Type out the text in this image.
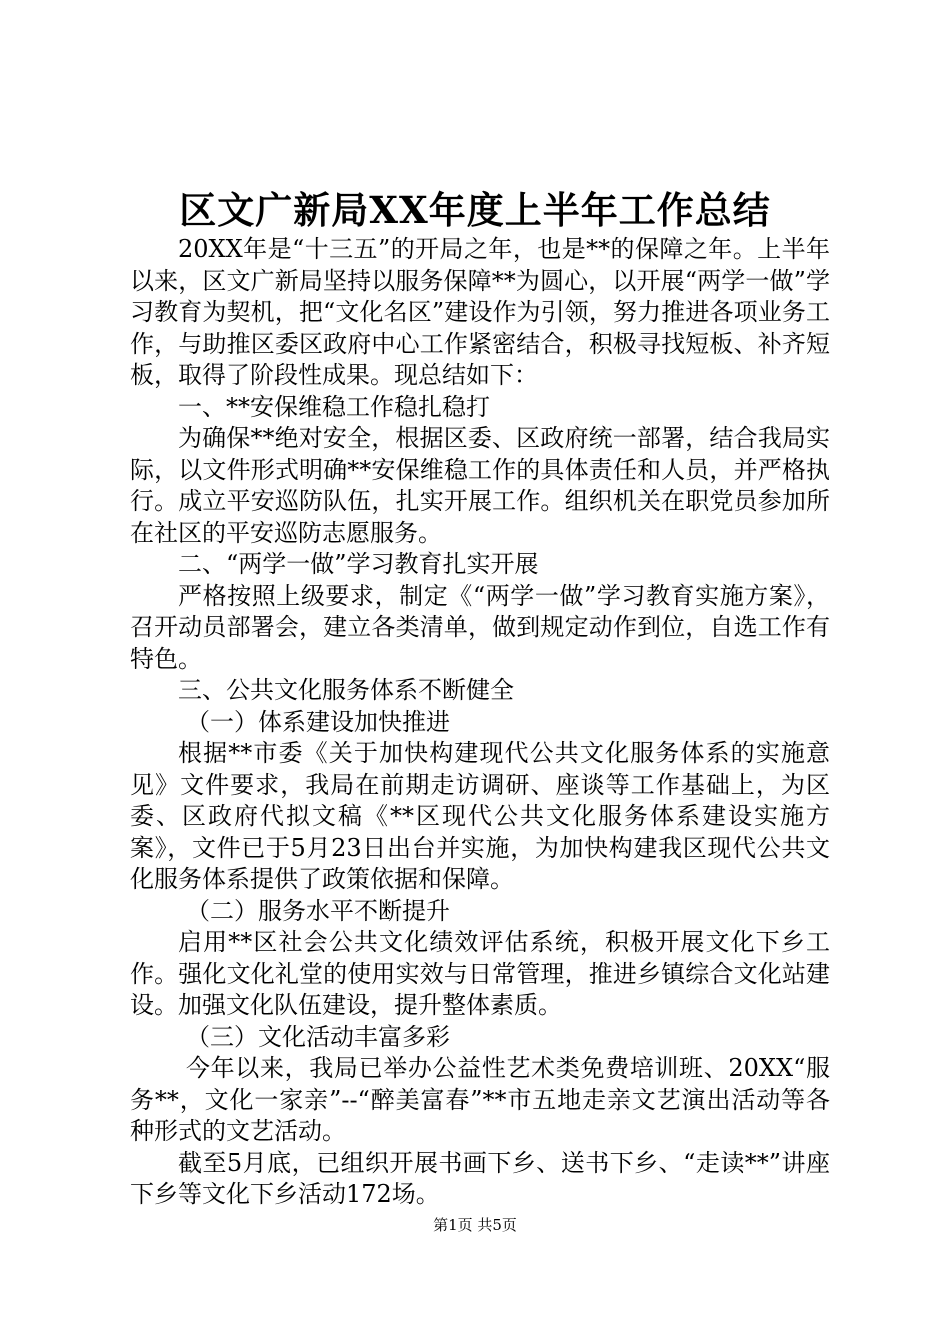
区文广新局XX年度上半年工作总结

20XX年是“十三五”的开局之年，也是**的保障之年。上半年以来，区文广新局坚持以服务保障**为圆心，以开展“两学一做”学习教育为契机，把“文化名区”建设作为引领，努力推进各项业务工作，与助推区委区政府中心工作紧密结合，积极寻找短板、补齐短板，取得了阶段性成果。现总结如下：

一、**安保维稳工作稳扎稳打

为确保**绝对安全，根据区委、区政府统一部署，结合我局实际，以文件形式明确**安保维稳工作的具体责任和人员，并严格执行。成立平安巡防队伍，扎实开展工作。组织机关在职党员参加所在社区的平安巡防志愿服务。

二、“两学一做”学习教育扎实开展

严格按照上级要求，制定《“两学一做”学习教育实施方案》，召开动员部署会，建立各类清单，做到规定动作到位，自选工作有特色。

三、公共文化服务体系不断健全

（一）体系建设加快推进

根据**市委《关于加快构建现代公共文化服务体系的实施意见》文件要求，我局在前期走访调研、座谈等工作基础上，为区委、区政府代拟文稿《**区现代公共文化服务体系建设实施方案》，文件已于5月23日出台并实施，为加快构建我区现代公共文化服务体系提供了政策依据和保障。

（二）服务水平不断提升

启用**区社会公共文化绩效评估系统，积极开展文化下乡工作。强化文化礼堂的使用实效与日常管理，推进乡镇综合文化站建设。加强文化队伍建设，提升整体素质。

（三）文化活动丰富多彩

今年以来，我局已举办公益性艺术类免费培训班、20XX“服务**，文化一家亲”--“醉美富春”**市五地走亲文艺演出活动等各种形式的文艺活动。

截至5月底，已组织开展书画下乡、送书下乡、“走读**”讲座下乡等文化下乡活动172场。

第1页 共5页
